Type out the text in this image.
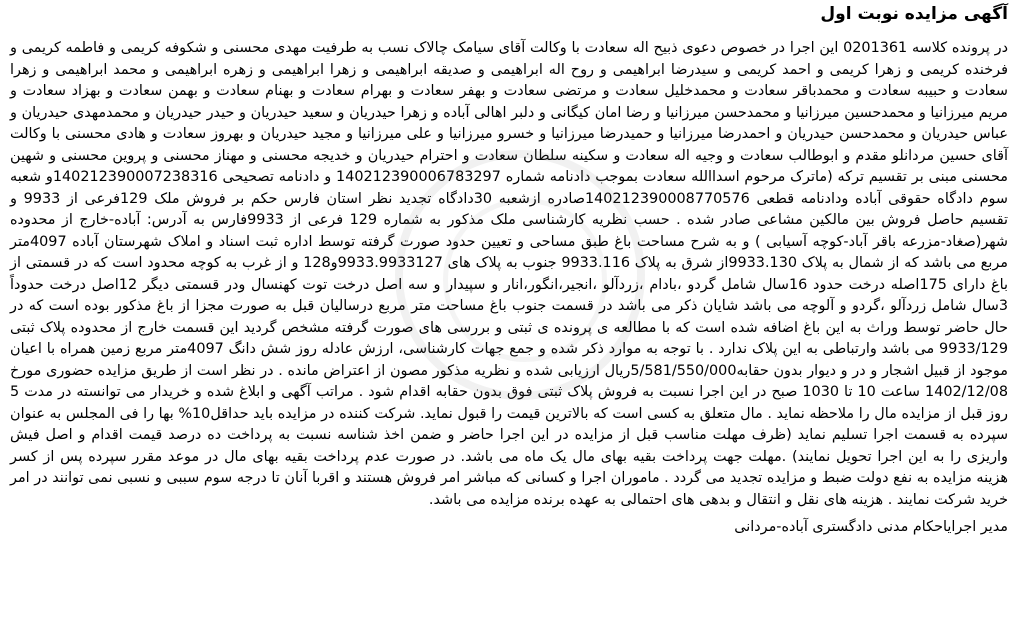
آگهی مزایده نوبت اول

در پرونده کلاسه 0201361 این اجرا در خصوص دعوی ذبیح اله سعادت با وکالت آقای سیامک چالاک نسب به طرفیت مهدی محسنی و شکوفه کریمی و فاطمه کریمی و فرخنده کریمی و زهرا کریمی و احمد کریمی و سیدرضا ابراهیمی و روح اله ابراهیمی و صدیقه ابراهیمی و زهرا ابراهیمی و زهره ابراهیمی و محمد ابراهیمی و زهرا سعادت و حبیبه سعادت و محمدباقر سعادت و محمدخلیل سعادت و مرتضی سعادت و بهفر سعادت و بهرام سعادت و بهنام سعادت و بهمن سعادت و بهزاد سعادت و مریم میرزانیا و محمدحسین میرزانیا و محمدحسن میرزانیا و رضا امان کیگانی و دلبر اهالی آباده و زهرا حیدریان و سعید حیدریان و حیدر حیدریان و محمدمهدی حیدریان و عباس حیدریان و محمدحسن حیدریان و احمدرضا میرزانیا و حمیدرضا میرزانیا و خسرو میرزانیا و علی میرزانیا و مجید حیدریان و بهروز سعادت و هادی محسنی با وکالت آقای حسین مردانلو مقدم و ابوطالب سعادت و وجیه اله سعادت و سکینه سلطان سعادت و احترام حیدریان و خدیجه محسنی و مهناز محسنی و پروین محسنی و شهین محسنی مبنی بر تقسیم ترکه (ماترک مرحوم اسداالله سعادت بموجب دادنامه شماره 140212390006783297 و دادنامه تصحیحی 140212390007238316و شعبه سوم دادگاه حقوقی آباده ودادنامه قطعی 140212390008770576صادره ازشعبه 30دادگاه تجدید نظر استان فارس حکم بر فروش ملک 129فرعی از 9933 و تقسیم حاصل فروش بین مالکین مشاعی صادر شده . حسب نظریه کارشناسی ملک مذکور به شماره 129 فرعی از 9933فارس به آدرس: آباده-خارج از محدوده شهر(صغاد-مزرعه باقر آباد-کوچه آسیابی ) و به شرح مساحت باغ طبق مساحی و تعیین حدود صورت گرفته توسط اداره ثبت اسناد و املاک شهرستان آباده 4097متر مربع می باشد که از شمال به پلاک 9933.130از شرق به پلاک 9933.116 جنوب به پلاک های 9933.9933127و128 و از غرب به کوچه محدود است که در قسمتی از باغ دارای 175اصله درخت حدود 16سال شامل گردو ،بادام ،زردآلو ،انجیر،انگور،انار و سپیدار و سه اصل درخت توت کهنسال ودر قسمتی دیگر 12اصل درخت حدوداً 3سال شامل زردآلو ،گردو و آلوچه می باشد شایان ذکر می باشد در قسمت جنوب باغ مساحت متر مربع درسالیان قبل به صورت مجزا از باغ مذکور بوده است که در حال حاضر توسط وراث به این باغ اضافه شده است که با مطالعه ی پرونده ی ثبتی و بررسی های صورت گرفته مشخص گردید این قسمت خارج از محدوده پلاک ثبتی 9933/129 می باشد وارتباطی به این پلاک ندارد . با توجه به موارد ذکر شده و جمع جهات کارشناسی، ارزش عادله روز شش دانگ 4097متر مربع زمین همراه با اعیان موجود از قبیل اشجار و در و دیوار بدون حقابه5/581/550/000ریال ارزیابی شده و نظریه مذکور مصون از اعتراض مانده . در نظر است از طریق مزایده حضوری مورخ 1402/12/08 ساعت 10 تا 1030 صبح در این اجرا نسبت به فروش پلاک ثبتی فوق بدون حقابه اقدام شود . مراتب آگهی و ابلاغ شده و خریدار می توانسته در مدت 5 روز قبل از مزایده مال را ملاحظه نماید . مال متعلق به کسی است که بالاترین قیمت را قبول نماید. شرکت کننده در مزایده باید حداقل10% بها را فی المجلس به عنوان سپرده به قسمت اجرا تسلیم نماید (ظرف مهلت مناسب قبل از مزایده در این اجرا حاضر و ضمن اخذ شناسه نسبت به پرداخت ده درصد قیمت اقدام و اصل فیش واریزی را به این اجرا تحویل نمایند) .مهلت جهت پرداخت بقیه بهای مال یک ماه می باشد. در صورت عدم پرداخت بقیه بهای مال در موعد مقرر سپرده پس از کسر هزینه مزایده به نفع دولت ضبط و مزایده تجدید می گردد . ماموران اجرا و کسانی که مباشر امر فروش هستند و اقربا آنان تا درجه سوم سببی و نسبی نمی توانند در امر خرید شرکت نمایند . هزینه های نقل و انتقال و بدهی های احتمالی به عهده برنده مزایده می باشد.

مدیر اجرایاحکام مدنی دادگستری آباده-مردانی
